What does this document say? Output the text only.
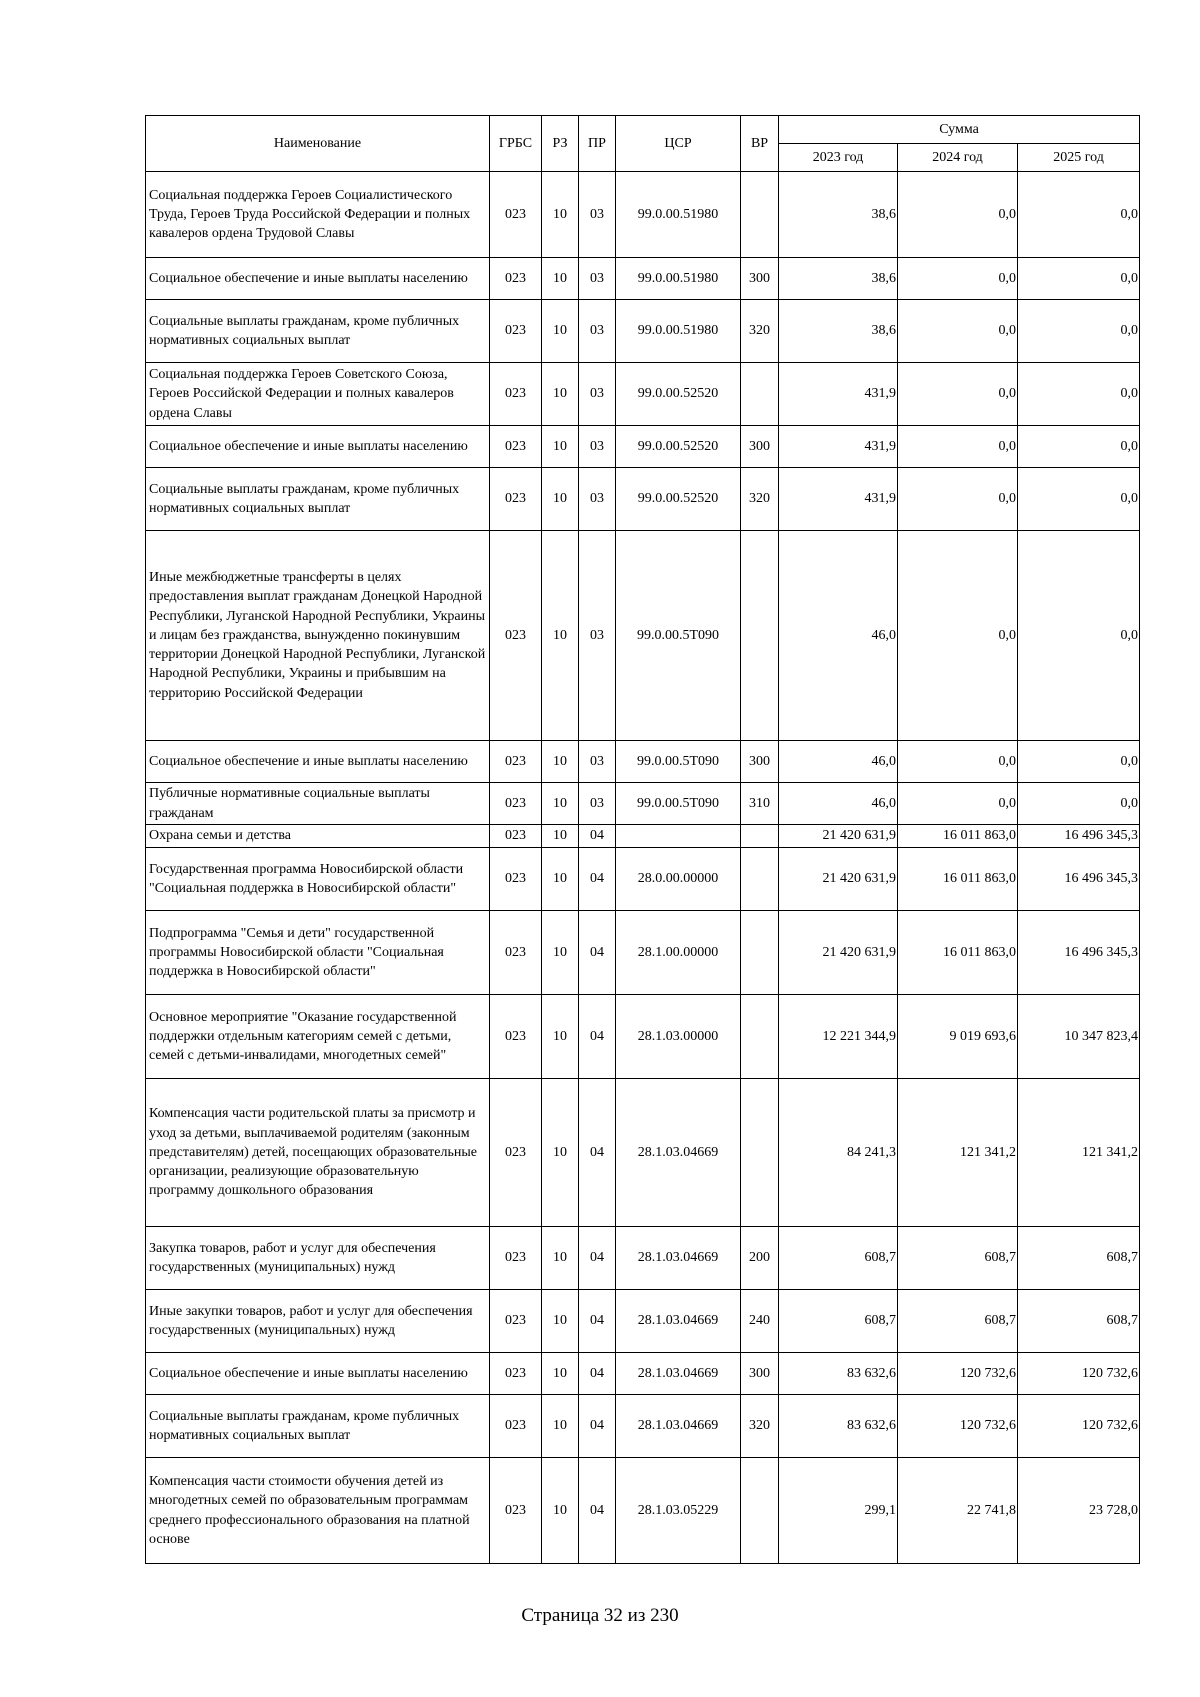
Наименование	ГРБС	РЗ	ПР	ЦСР	ВР	Сумма		
						2023 год	2024 год	2025 год
Социальная поддержка Героев Социалистического Труда, Героев Труда Российской Федерации и полных кавалеров ордена Трудовой Славы	023	10	03	99.0.00.51980		38,6	0,0	0,0
Социальное обеспечение и иные выплаты населению	023	10	03	99.0.00.51980	300	38,6	0,0	0,0
Социальные выплаты гражданам, кроме публичных нормативных социальных выплат	023	10	03	99.0.00.51980	320	38,6	0,0	0,0
Социальная поддержка Героев Советского Союза, Героев Российской Федерации и полных кавалеров ордена Славы	023	10	03	99.0.00.52520		431,9	0,0	0,0
Социальное обеспечение и иные выплаты населению	023	10	03	99.0.00.52520	300	431,9	0,0	0,0
Социальные выплаты гражданам, кроме публичных нормативных социальных выплат	023	10	03	99.0.00.52520	320	431,9	0,0	0,0
Иные межбюджетные трансферты в целях предоставления выплат гражданам Донецкой Народной Республики, Луганской Народной Республики, Украины и лицам без гражданства, вынужденно покинувшим территории Донецкой Народной Республики, Луганской Народной Республики, Украины и прибывшим на территорию Российской Федерации	023	10	03	99.0.00.5Т090		46,0	0,0	0,0
Социальное обеспечение и иные выплаты населению	023	10	03	99.0.00.5Т090	300	46,0	0,0	0,0
Публичные нормативные социальные выплаты гражданам	023	10	03	99.0.00.5Т090	310	46,0	0,0	0,0
Охрана семьи и детства	023	10	04			21 420 631,9	16 011 863,0	16 496 345,3
Государственная программа Новосибирской области "Социальная поддержка в Новосибирской области"	023	10	04	28.0.00.00000		21 420 631,9	16 011 863,0	16 496 345,3
Подпрограмма "Семья и дети" государственной программы Новосибирской области "Социальная поддержка в Новосибирской области"	023	10	04	28.1.00.00000		21 420 631,9	16 011 863,0	16 496 345,3
Основное мероприятие "Оказание государственной поддержки отдельным категориям семей с детьми, семей с детьми-инвалидами, многодетных семей"	023	10	04	28.1.03.00000		12 221 344,9	9 019 693,6	10 347 823,4
Компенсация части родительской платы за присмотр и уход за детьми, выплачиваемой родителям (законным представителям) детей, посещающих образовательные организации, реализующие образовательную программу дошкольного образования	023	10	04	28.1.03.04669		84 241,3	121 341,2	121 341,2
Закупка товаров, работ и услуг для обеспечения государственных (муниципальных) нужд	023	10	04	28.1.03.04669	200	608,7	608,7	608,7
Иные закупки товаров, работ и услуг для обеспечения государственных (муниципальных) нужд	023	10	04	28.1.03.04669	240	608,7	608,7	608,7
Социальное обеспечение и иные выплаты населению	023	10	04	28.1.03.04669	300	83 632,6	120 732,6	120 732,6
Социальные выплаты гражданам, кроме публичных нормативных социальных выплат	023	10	04	28.1.03.04669	320	83 632,6	120 732,6	120 732,6
Компенсация части стоимости обучения детей из многодетных семей по образовательным программам среднего профессионального образования на платной основе	023	10	04	28.1.03.05229		299,1	22 741,8	23 728,0
Страница 32 из 230
